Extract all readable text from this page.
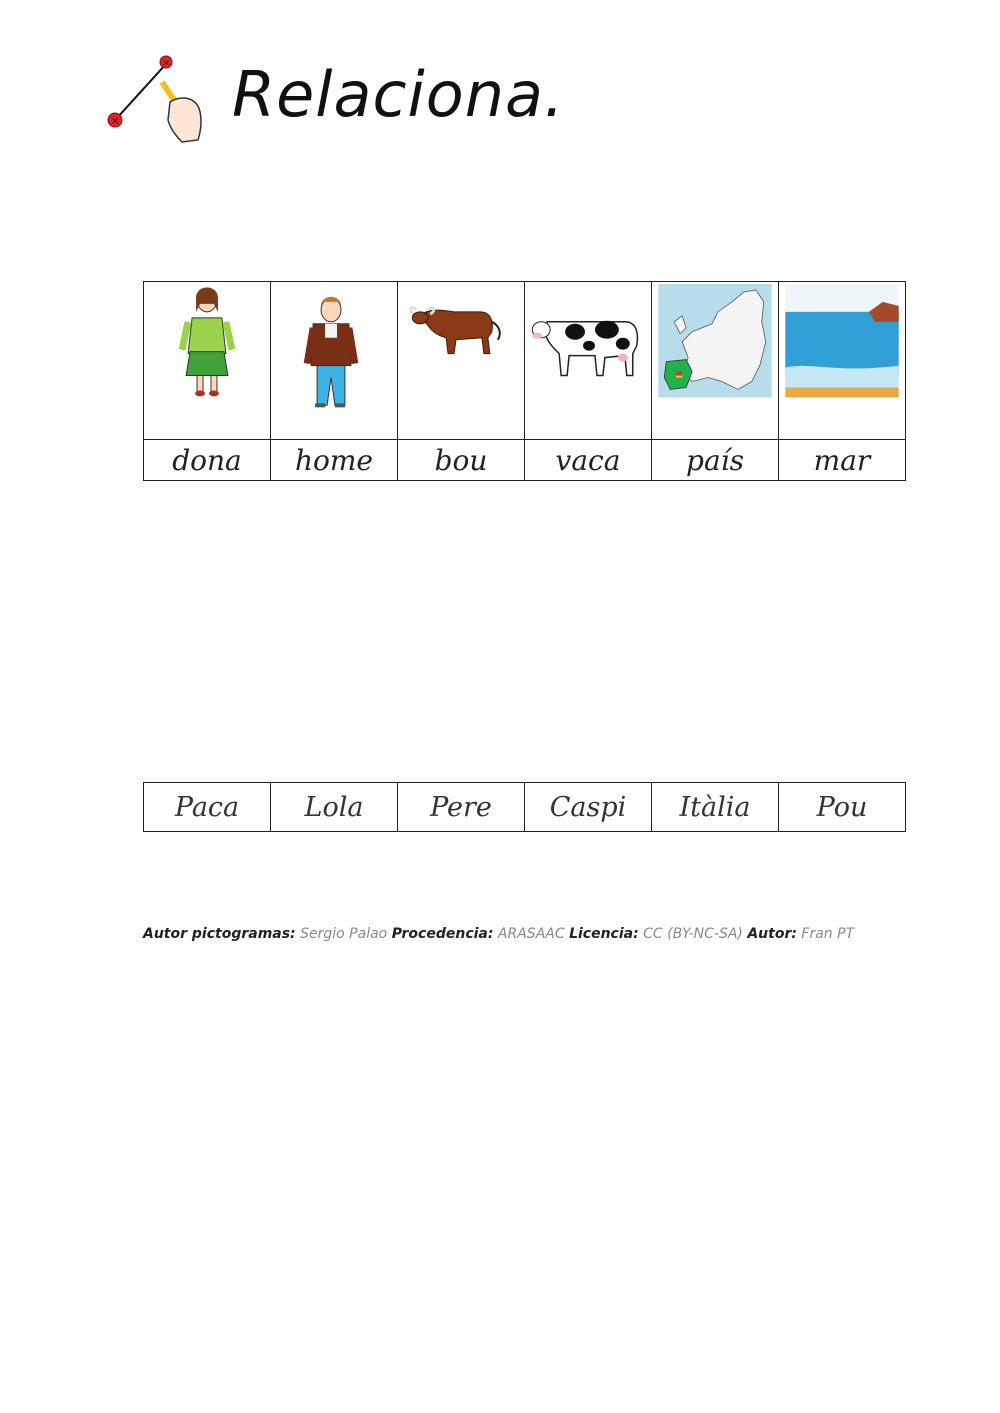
×
× Relaciona.
dona	home	bou	vaca	país	mar
Paca	Lola	Pere	Caspi	Itàlia	Pou
Autor pictogramas: Sergio Palao Procedencia: ARASAAC Licencia: CC (BY-NC-SA) Autor: Fran PT
